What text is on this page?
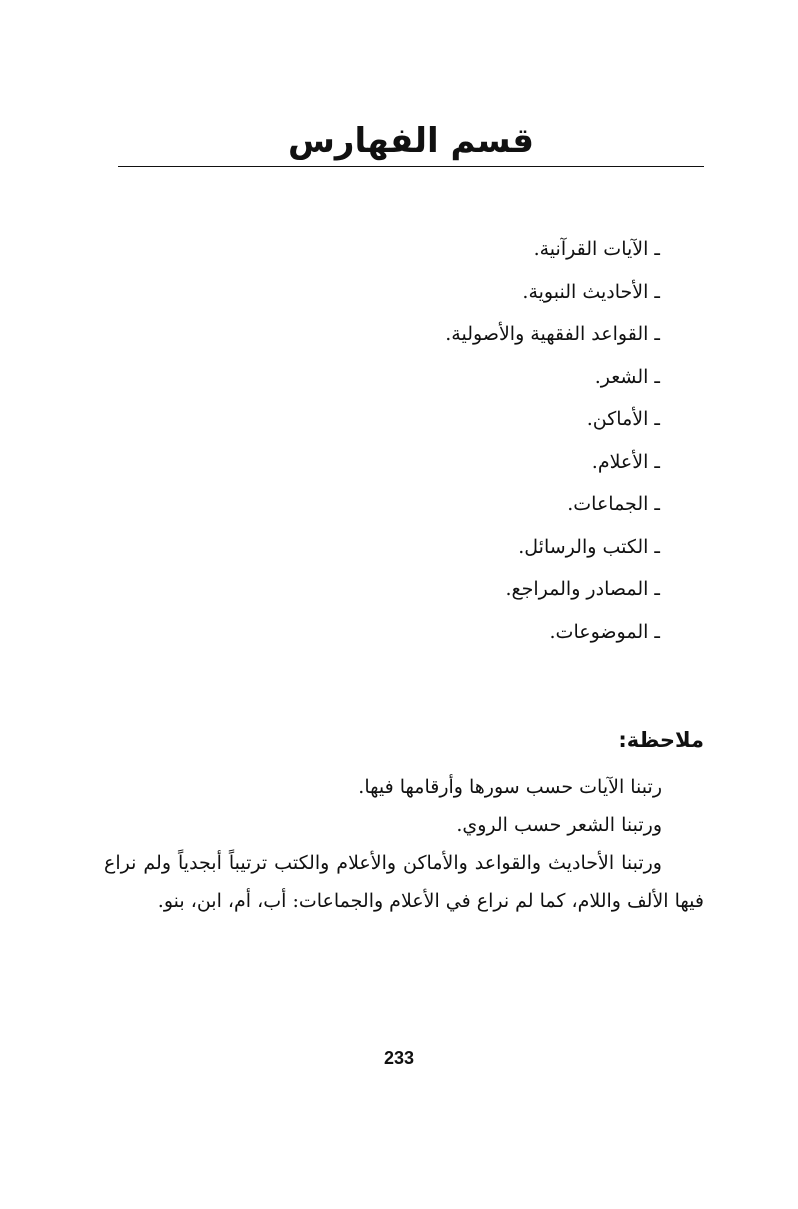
قسم الفهارس
ـ الآيات القرآنية.
ـ الأحاديث النبوية.
ـ القواعد الفقهية والأصولية.
ـ الشعر.
ـ الأماكن.
ـ الأعلام.
ـ الجماعات.
ـ الكتب والرسائل.
ـ المصادر والمراجع.
ـ الموضوعات.
ملاحظة:
رتبنا الآيات حسب سورها وأرقامها فيها.
ورتبنا الشعر حسب الروي.
ورتبنا الأحاديث والقواعد والأماكن والأعلام والكتب ترتيباً أبجدياً ولم نراع فيها الألف واللام، كما لم نراع في الأعلام والجماعات: أب، أم، ابن، بنو.
233
